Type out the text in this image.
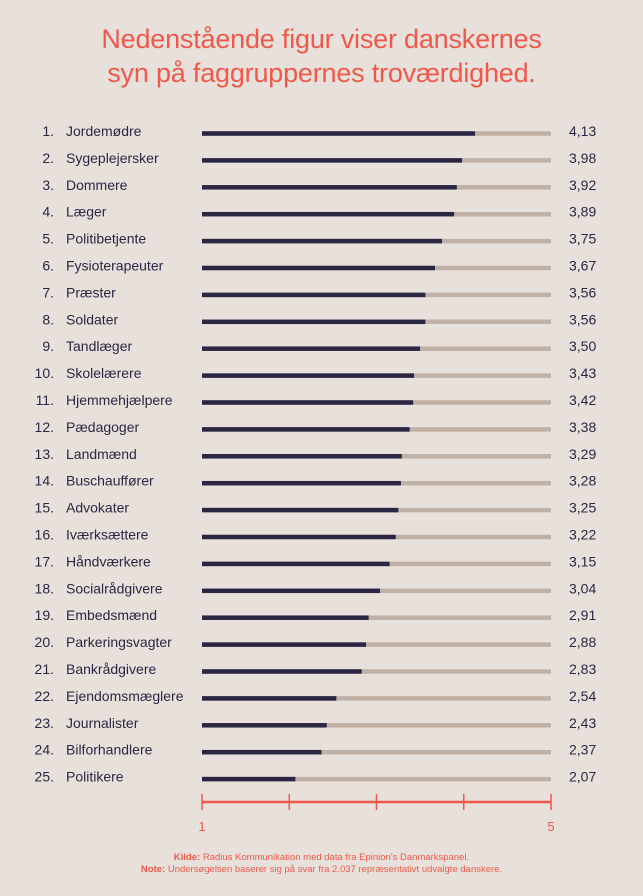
Nedenstående figur viser danskernes
syn på faggruppernes troværdighed.
1. Jordemødre	4,13
2. Sygeplejersker	3,98
3. Dommere	3,92
4. Læger	3,89
5. Politibetjente	3,75
6. Fysioterapeuter	3,67
7. Præster	3,56
8. Soldater	3,56
9. Tandlæger	3,50
10. Skolelærere	3,43
11. Hjemmehjælpere	3,42
12. Pædagoger	3,38
13. Landmænd	3,29
14. Buschauffører	3,28
15. Advokater	3,25
16. Iværksættere	3,22
17. Håndværkere	3,15
18. Socialrådgivere	3,04
19. Embedsmænd	2,91
20. Parkeringsvagter	2,88
21. Bankrådgivere	2,83
22. Ejendomsmæglere	2,54
23. Journalister	2,43
24. Bilforhandlere	2,37
25. Politikere	2,07
1	5
Kilde: Radius Kommunikation med data fra Epinion's Danmarkspanel.
Note: Undersøgelsen baserer sig på svar fra 2.037 repræsentativt udvalgte danskere.
